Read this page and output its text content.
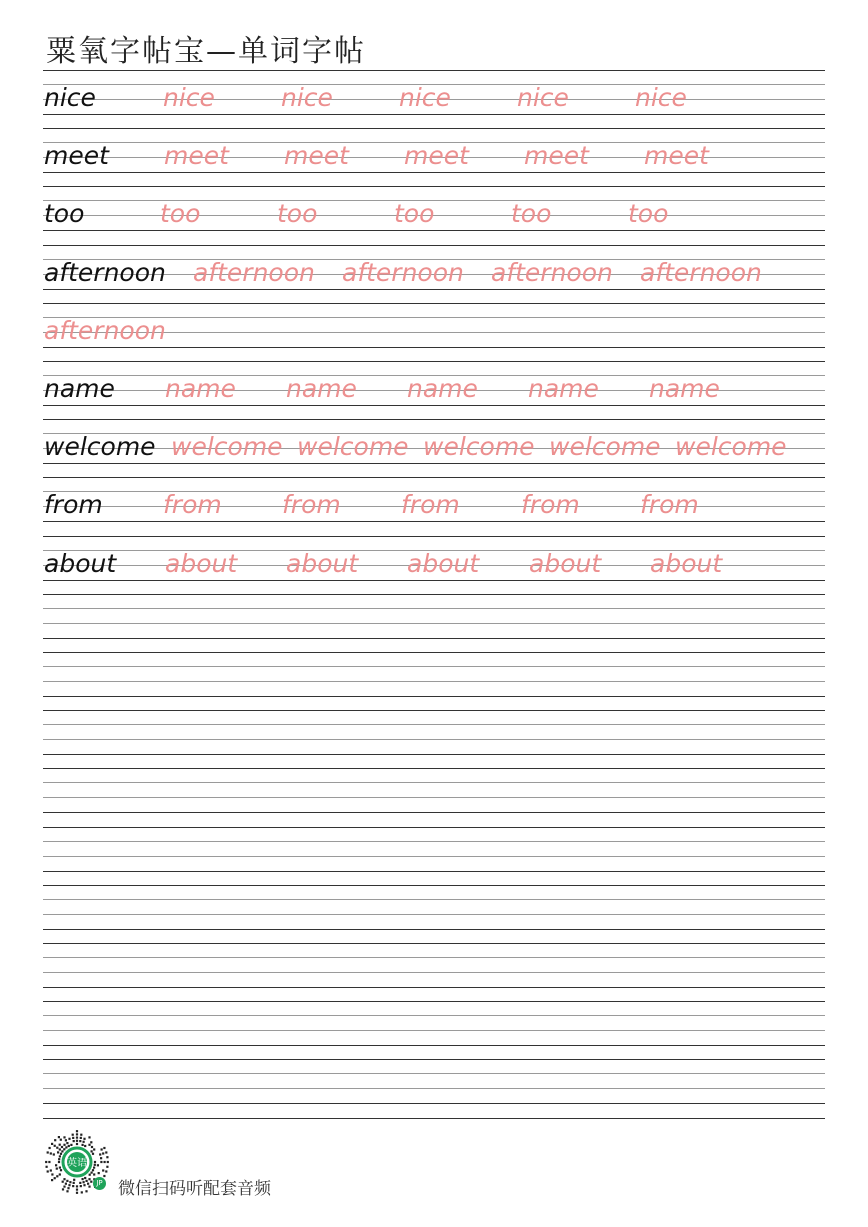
粟氧字帖宝—单词字帖
nice	nice	nice	nice	nice	nice
meet meet meet meet meet meet
too	too	too	too	too	too
afternoon afternoon afternoon afternoon afternoon
afternoon
name name name name name name
welcome welcome welcome welcome welcome welcome
from from from from from from
about about about about about about
英语
JP 微信扫码听配套音频
